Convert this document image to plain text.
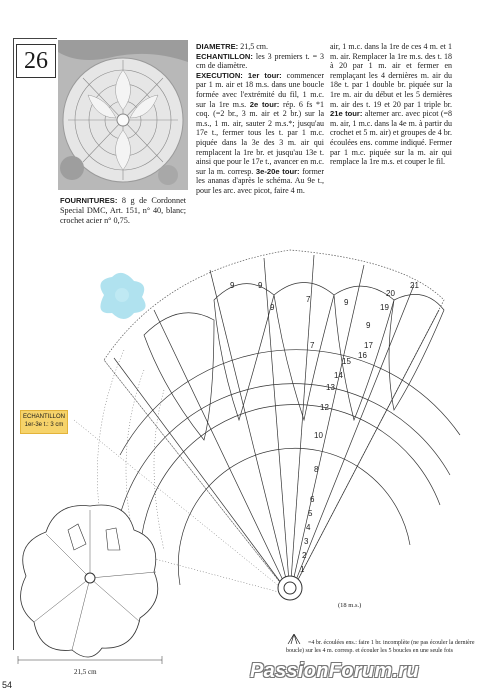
26
FOURNITURES: 8 g de Cordonnet Special DMC, Art. 151, n° 40, blanc; crochet acier n° 0,75.
DIAMETRE: 21,5 cm.
ECHANTILLON: les 3 premiers t. = 3 cm de diamètre.
EXECUTION: 1er tour: commencer par 1 m. air et 18 m.s. dans une boucle formée avec l'extrémité du fil, 1 m.c. sur la 1re m.s. 2e tour: rép. 6 fs *1 coq. (=2 br., 3 m. air et 2 br.) sur la m.s., 1 m. air, sauter 2 m.s.*; jusqu'au 17e t., fermer tous les t. par 1 m.c. piquée dans la 3e des 3 m. air qui remplacent la 1re br. et jusqu'au 13e t. ainsi que pour le 17e t., avancer en m.c. sur la m. corresp. 3e-20e tour: former les ananas d'après le schéma. Au 9e t., pour les arc. avec picot, faire 4 m.
air, 1 m.c. dans la 1re de ces 4 m. et 1 m. air. Remplacer la 1re m.s. des t. 18 à 20 par 1 m. air et fermer en remplaçant les 4 dernières m. air du 18e t. par 1 double br. piquée sur la 1re m. air du début et les 5 dernières m. air des t. 19 et 20 par 1 triple br. 21e tour: alterner arc. avec picot (=8 m. air, 1 m.c. dans la 4e m. à partir du crochet et 5 m. air) et groupes de 4 br. écoulées ens. comme indiqué. Fermer par 1 m.c. piquée sur la m. air qui remplace la 1re m.s. et couper le fil.
9	9
9
7
7
9
9
21
20
19
17
16
15
14
13
12
10
8
6
5
4
3
2
1
ECHANTILLON
1er-3e t.: 3 cm
(18 m.s.)
=4 br. écoulées ens.: faire 1 br. incomplète (ne pas écouler la dernière boucle) sur les 4 m. corresp. et écouler les 5 boucles en une seule fois
21,5 cm
54
PassionForum.ru
